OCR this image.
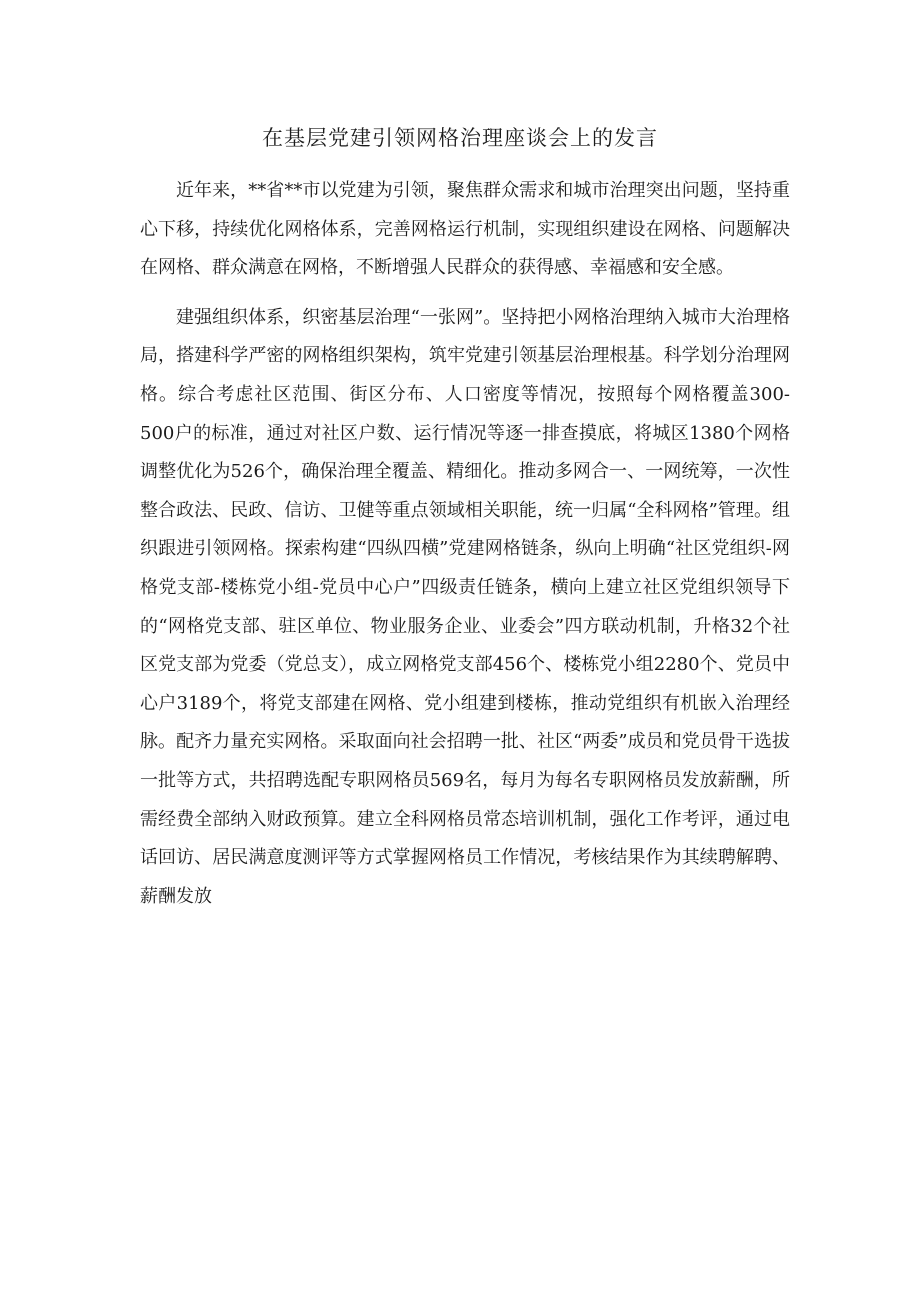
在基层党建引领网格治理座谈会上的发言

近年来，**省**市以党建为引领，聚焦群众需求和城市治理突出问题，坚持重心下移，持续优化网格体系，完善网格运行机制，实现组织建设在网格、问题解决在网格、群众满意在网格，不断增强人民群众的获得感、幸福感和安全感。

建强组织体系，织密基层治理“一张网”。坚持把小网格治理纳入城市大治理格局，搭建科学严密的网格组织架构，筑牢党建引领基层治理根基。科学划分治理网格。综合考虑社区范围、街区分布、人口密度等情况，按照每个网格覆盖300-500户的标准，通过对社区户数、运行情况等逐一排查摸底，将城区1380个网格调整优化为526个，确保治理全覆盖、精细化。推动多网合一、一网统筹，一次性整合政法、民政、信访、卫健等重点领域相关职能，统一归属“全科网格”管理。组织跟进引领网格。探索构建“四纵四横”党建网格链条，纵向上明确“社区党组织-网格党支部-楼栋党小组-党员中心户”四级责任链条，横向上建立社区党组织领导下的“网格党支部、驻区单位、物业服务企业、业委会”四方联动机制，升格32个社区党支部为党委（党总支），成立网格党支部456个、楼栋党小组2280个、党员中心户3189个，将党支部建在网格、党小组建到楼栋，推动党组织有机嵌入治理经脉。配齐力量充实网格。采取面向社会招聘一批、社区“两委”成员和党员骨干选拔一批等方式，共招聘选配专职网格员569名，每月为每名专职网格员发放薪酬，所需经费全部纳入财政预算。建立全科网格员常态培训机制，强化工作考评，通过电话回访、居民满意度测评等方式掌握网格员工作情况，考核结果作为其续聘解聘、薪酬发放
